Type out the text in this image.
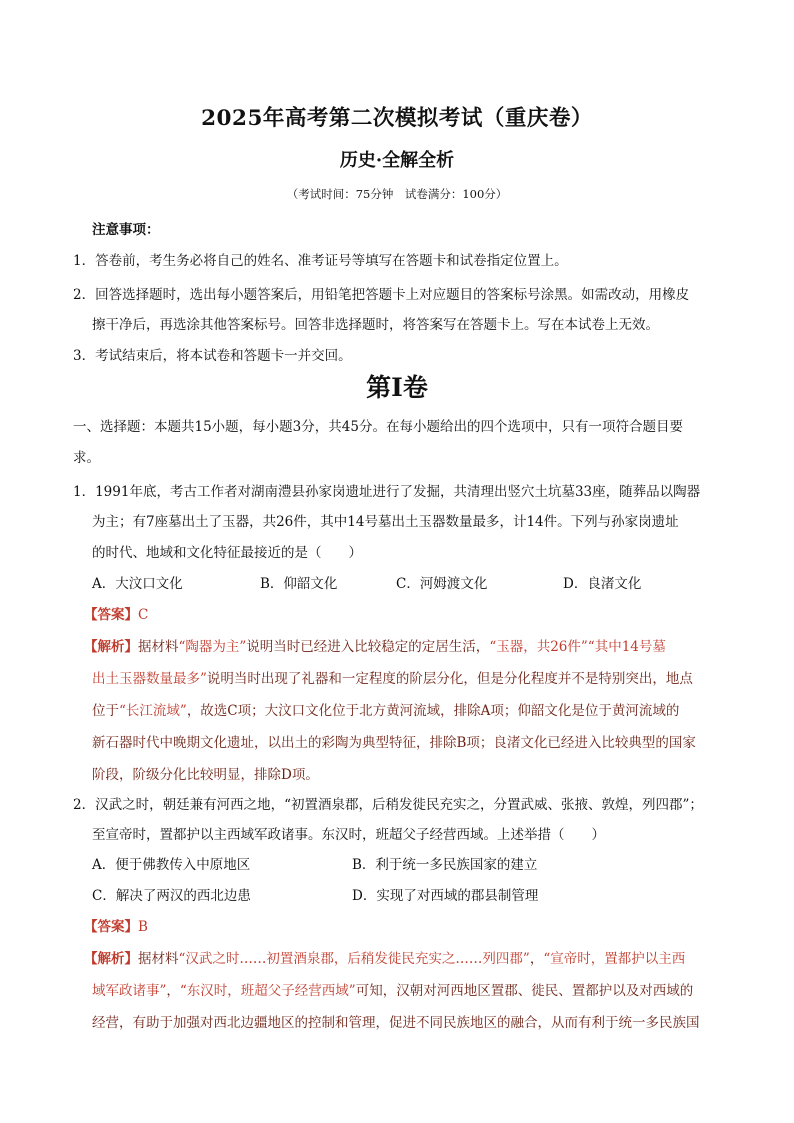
2025年高考第二次模拟考试（重庆卷）
历史·全解全析
（考试时间：75分钟　试卷满分：100分）
注意事项：
1．答卷前，考生务必将自己的姓名、准考证号等填写在答题卡和试卷指定位置上。
2．回答选择题时，选出每小题答案后，用铅笔把答题卡上对应题目的答案标号涂黑。如需改动，用橡皮
擦干净后，再选涂其他答案标号。回答非选择题时，将答案写在答题卡上。写在本试卷上无效。
3．考试结束后，将本试卷和答题卡一并交回。
第I卷
一、选择题：本题共15小题，每小题3分，共45分。在每小题给出的四个选项中，只有一项符合题目要
求。
1．1991年底，考古工作者对湖南澧县孙家岗遗址进行了发掘，共清理出竖穴土坑墓33座，随葬品以陶器
为主；有7座墓出土了玉器，共26件，其中14号墓出土玉器数量最多，计14件。下列与孙家岗遗址
的时代、地域和文化特征最接近的是（　　）
A．大汶口文化	B．仰韶文化	C．河姆渡文化	D．良渚文化
【答案】C
【解析】据材料“陶器为主”说明当时已经进入比较稳定的定居生活，“玉器，共26件”“其中14号墓
出土玉器数量最多”说明当时出现了礼器和一定程度的阶层分化，但是分化程度并不是特别突出，地点
位于“长江流域”，故选C项；大汶口文化位于北方黄河流域，排除A项；仰韶文化是位于黄河流域的
新石器时代中晚期文化遗址，以出土的彩陶为典型特征，排除B项；良渚文化已经进入比较典型的国家
阶段，阶级分化比较明显，排除D项。
2．汉武之时，朝廷兼有河西之地，“初置酒泉郡，后稍发徙民充实之，分置武威、张掖、敦煌，列四郡”；
至宣帝时，置都护以主西域军政诸事。东汉时，班超父子经营西域。上述举措（　　）
A．便于佛教传入中原地区	B．利于统一多民族国家的建立
C．解决了两汉的西北边患	D．实现了对西域的郡县制管理
【答案】B
【解析】据材料“汉武之时……初置酒泉郡，后稍发徙民充实之……列四郡”，“宣帝时，置都护以主西
域军政诸事”，“东汉时，班超父子经营西域”可知，汉朝对河西地区置郡、徙民、置都护以及对西域的
经营，有助于加强对西北边疆地区的控制和管理，促进不同民族地区的融合，从而有利于统一多民族国
